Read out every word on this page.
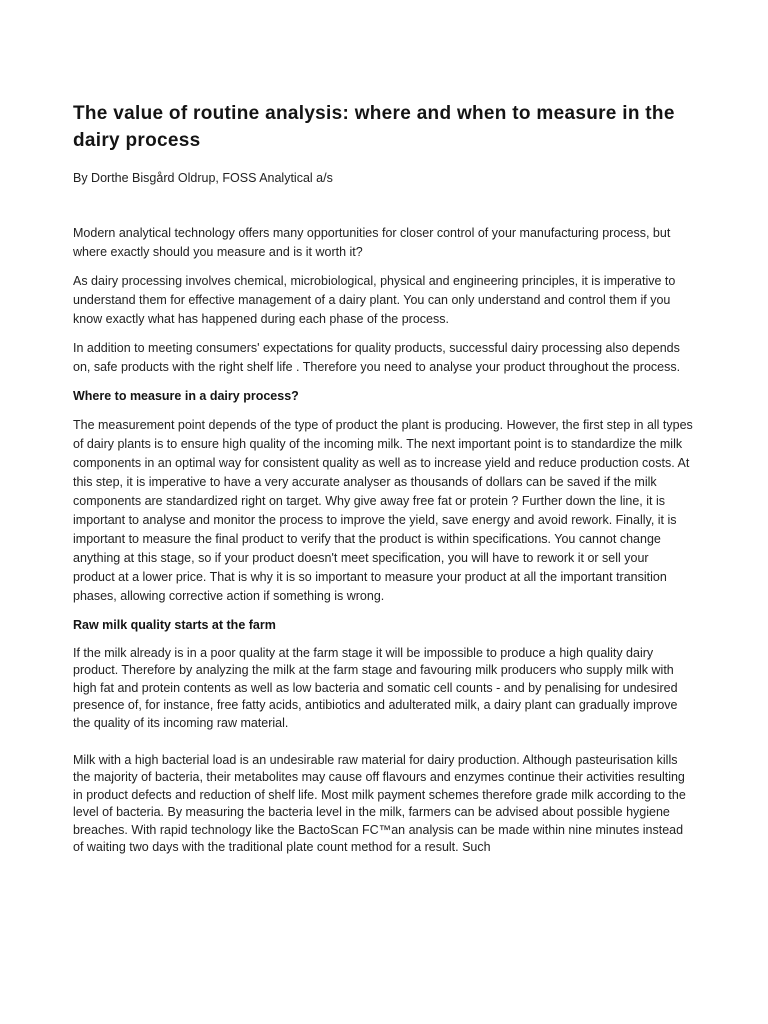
The value of routine analysis: where and when to measure in the dairy process

By Dorthe Bisgård Oldrup, FOSS Analytical a/s

Modern analytical technology offers many opportunities for closer control of your manufacturing process, but where exactly should you measure and is it worth it?

As dairy processing involves chemical, microbiological, physical and engineering principles, it is imperative to understand them for effective management of a dairy plant. You can only understand and control them if you know exactly what has happened during each phase of the process.

In addition to meeting consumers' expectations for quality products, successful dairy processing also depends on, safe products with the right shelf life . Therefore you need to analyse your product throughout the process.

Where to measure in a dairy process?

The measurement point depends of the type of product the plant is producing. However, the first step in all types of dairy plants is to ensure high quality of the incoming milk. The next important point is to standardize the milk components in an optimal way for consistent quality as well as to increase yield and reduce production costs. At this step, it is imperative to have a very accurate analyser as thousands of dollars can be saved if the milk components are standardized right on target. Why give away free fat or protein ? Further down the line, it is important to analyse and monitor the process to improve the yield, save energy and avoid rework. Finally, it is important to measure the final product to verify that the product is within specifications. You cannot change anything at this stage, so if your product doesn't meet specification, you will have to rework it or sell your product at a lower price. That is why it is so important to measure your product at all the important transition phases, allowing corrective action if something is wrong.

Raw milk quality starts at the farm

If the milk already is in a poor quality at the farm stage it will be impossible to produce a high quality dairy product. Therefore by analyzing the milk at the farm stage and favouring milk producers who supply milk with high fat and protein contents as well as low bacteria and somatic cell counts - and by penalising for undesired presence of, for instance, free fatty acids, antibiotics and adulterated milk, a dairy plant can gradually improve the quality of its incoming raw material.

Milk with a high bacterial load is an undesirable raw material for dairy production. Although pasteurisation kills the majority of bacteria, their metabolites may cause off flavours and enzymes continue their activities resulting in product defects and reduction of shelf life. Most milk payment schemes therefore grade milk according to the level of bacteria. By measuring the bacteria level in the milk, farmers can be advised about possible hygiene breaches. With rapid technology like the BactoScan FC™an analysis can be made within nine minutes instead of waiting two days with the traditional plate count method for a result. Such
